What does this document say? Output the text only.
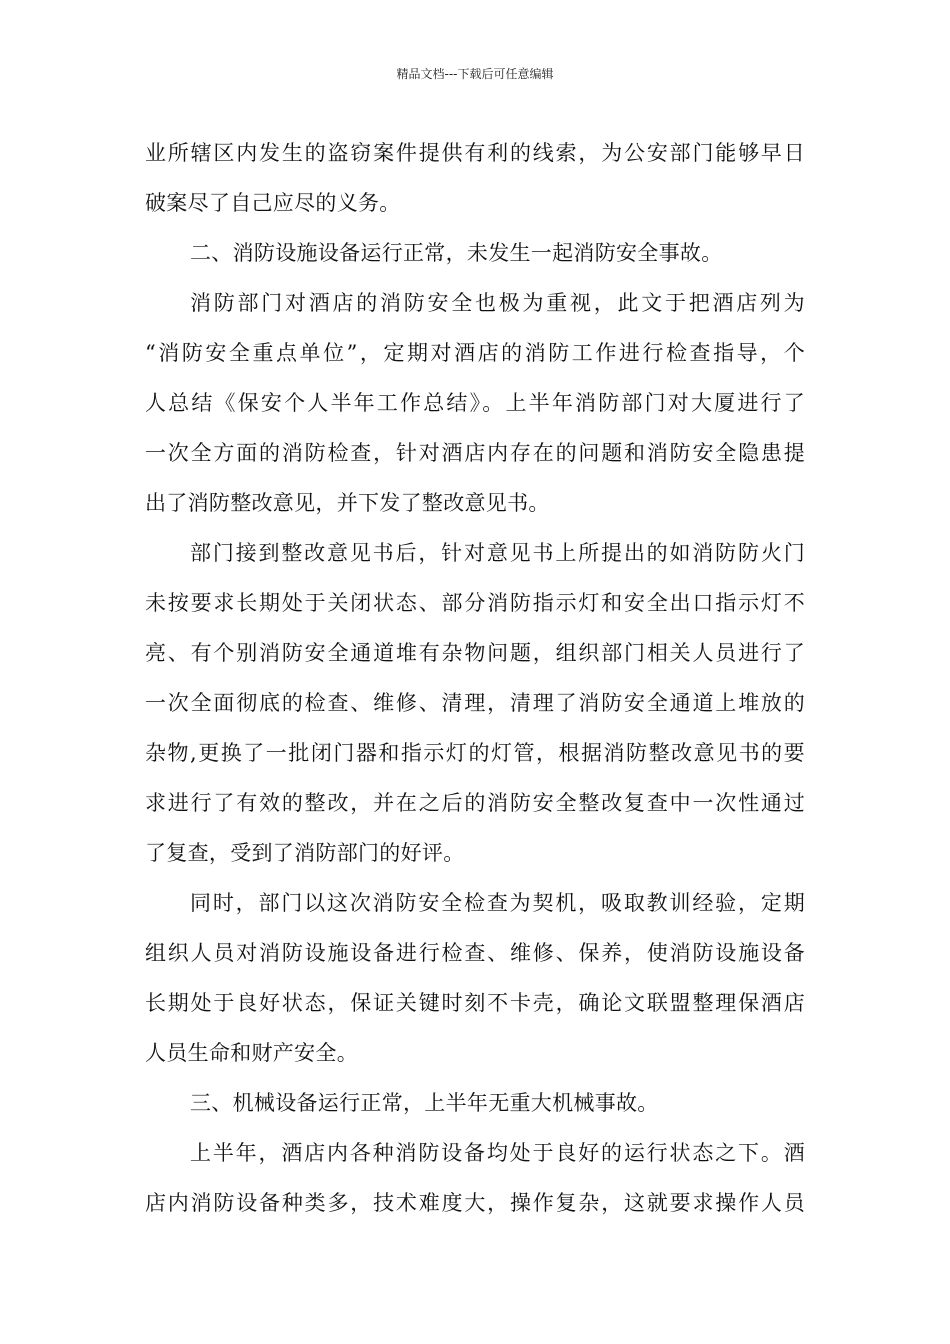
精品文档---下载后可任意编辑
业所辖区内发生的盗窃案件提供有利的线索，为公安部门能够早日
破案尽了自己应尽的义务。
二、消防设施设备运行正常，未发生一起消防安全事故。
消防部门对酒店的消防安全也极为重视，此文于把酒店列为
“消防安全重点单位”，定期对酒店的消防工作进行检查指导，个
人总结《保安个人半年工作总结》。上半年消防部门对大厦进行了
一次全方面的消防检查，针对酒店内存在的问题和消防安全隐患提
出了消防整改意见，并下发了整改意见书。
部门接到整改意见书后，针对意见书上所提出的如消防防火门
未按要求长期处于关闭状态、部分消防指示灯和安全出口指示灯不
亮、有个别消防安全通道堆有杂物问题，组织部门相关人员进行了
一次全面彻底的检查、维修、清理，清理了消防安全通道上堆放的
杂物,更换了一批闭门器和指示灯的灯管，根据消防整改意见书的要
求进行了有效的整改，并在之后的消防安全整改复查中一次性通过
了复查，受到了消防部门的好评。
同时，部门以这次消防安全检查为契机，吸取教训经验，定期
组织人员对消防设施设备进行检查、维修、保养，使消防设施设备
长期处于良好状态，保证关键时刻不卡壳，确论文联盟整理保酒店
人员生命和财产安全。
三、机械设备运行正常，上半年无重大机械事故。
上半年，酒店内各种消防设备均处于良好的运行状态之下。酒
店内消防设备种类多，技术难度大，操作复杂，这就要求操作人员
